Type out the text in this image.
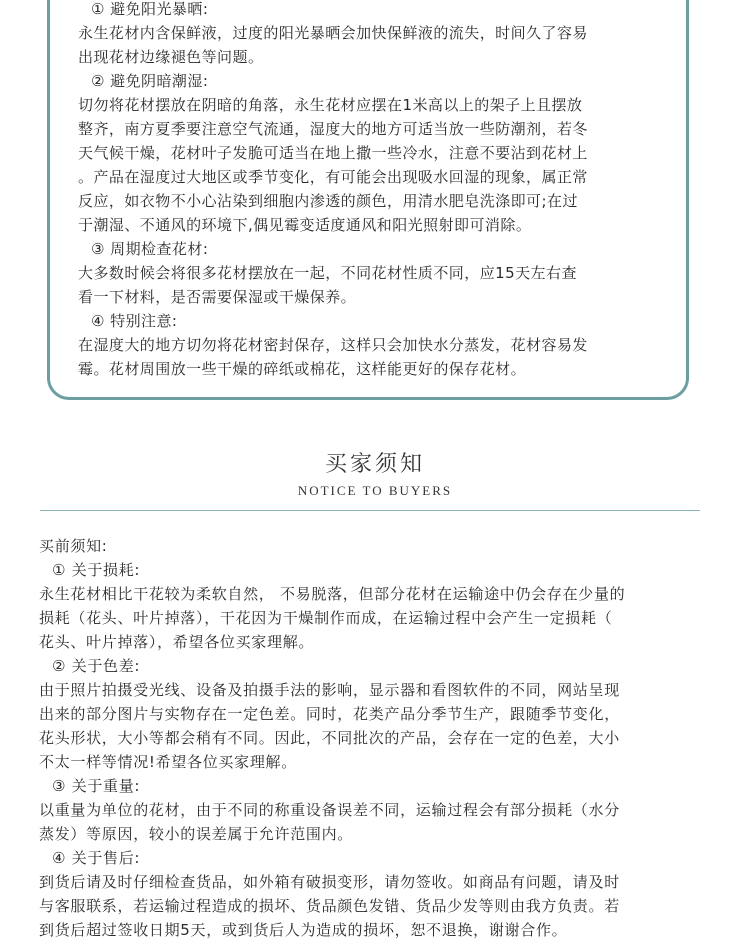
① 避免阳光暴晒:
永生花材内含保鲜液，过度的阳光暴晒会加快保鲜液的流失，时间久了容易
出现花材边缘褪色等问题。
② 避免阴暗潮湿:
切勿将花材摆放在阴暗的角落，永生花材应摆在1米高以上的架子上且摆放
整齐，南方夏季要注意空气流通，湿度大的地方可适当放一些防潮剂，若冬
天气候干燥，花材叶子发脆可适当在地上撒一些冷水，注意不要沾到花材上
。产品在湿度过大地区或季节变化，有可能会出现吸水回湿的现象，属正常
反应，如衣物不小心沾染到细胞内渗透的颜色，用清水肥皂洗涤即可;在过
于潮湿、不通风的环境下,偶见霉变适度通风和阳光照射即可消除。
③ 周期检查花材:
大多数时候会将很多花材摆放在一起，不同花材性质不同，应15天左右查
看一下材料，是否需要保湿或干燥保养。
④ 特别注意:
在湿度大的地方切勿将花材密封保存，这样只会加快水分蒸发，花材容易发
霉。花材周围放一些干燥的碎纸或棉花，这样能更好的保存花材。
买家须知
NOTICE TO BUYERS
买前须知:
① 关于损耗:
永生花材相比干花较为柔软自然， 不易脱落，但部分花材在运输途中仍会存在少量的
损耗（花头、叶片掉落），干花因为干燥制作而成，在运输过程中会产生一定损耗（
花头、叶片掉落），希望各位买家理解。
② 关于色差:
由于照片拍摄受光线、设备及拍摄手法的影响，显示器和看图软件的不同，网站呈现
出来的部分图片与实物存在一定色差。同时，花类产品分季节生产，跟随季节变化，
花头形状，大小等都会稍有不同。因此，不同批次的产品，会存在一定的色差，大小
不太一样等情况!希望各位买家理解。
③ 关于重量:
以重量为单位的花材，由于不同的称重设备误差不同，运输过程会有部分损耗（水分
蒸发）等原因，较小的误差属于允许范围内。
④ 关于售后:
到货后请及时仔细检查货品，如外箱有破损变形，请勿签收。如商品有问题，请及时
与客服联系，若运输过程造成的损坏、货品颜色发错、货品少发等则由我方负责。若
到货后超过签收日期5天，或到货后人为造成的损坏，恕不退换，谢谢合作。
